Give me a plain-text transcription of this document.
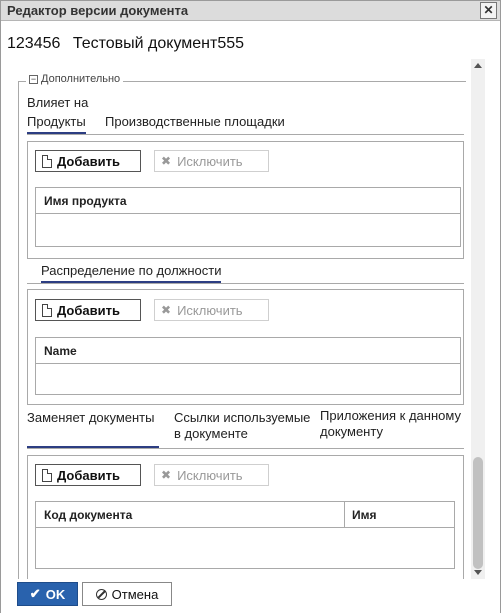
Редактор версии документа	✕
123456 Тестовый документ555
− Дополнительно
Влияет на
Продукты Производственные площадки
Добавить	✖ Исключить
Имя продукта
Распределение по должности
Добавить	✖ Исключить
Name
Заменяет документы	Ссылки используемые в документе
Приложения к данному документу
Добавить	✖ Исключить
Код документа	Имя
✔ OK	Отмена
